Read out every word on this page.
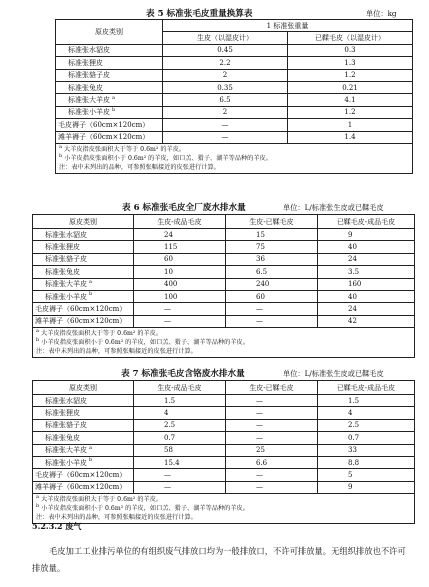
表 5 标准张毛皮重量换算表	单位：kg
原皮类别	1 标准张重量	
	生皮（以湿皮计）	已鞣毛皮（以湿皮计）
标准张水貂皮	0.45	0.3
标准张狸皮	2.2	1.3
标准张貉子皮	2	1.2
标准张兔皮	0.35	0.21
标准张大羊皮 $^a$	6.5	4.1
标准张小羊皮 $^b$	2	1.2
毛皮褥子（60cm×120cm）	—	1
滩羊褥子（60cm×120cm）	—	1.4

$^a$ 大羊皮指皮张面积大于等于 0.6m² 的羊皮。
$^b$ 小羊皮指皮张面积小于 0.6m² 的羊皮，如口羔、猾子、湖羊等品种的羊皮。
注：表中未列出的品种，可参照张幅接近的皮张进行计算。		
表 6 标准张毛皮全厂废水排水量	单位：L/标准张生皮或已鞣毛皮
原皮类别	生皮-成品毛皮	生皮-已鞣毛皮	已鞣毛皮-成品毛皮
标准张水貂皮	24	15	9
标准张狸皮	115	75	40
标准张貉子皮	60	36	24
标准张兔皮	10	6.5	3.5
标准张大羊皮 $^a$	400	240	160
标准张小羊皮 $^b$	100	60	40
毛皮褥子（60cm×120cm）	—	—	24
滩羊褥子（60cm×120cm）	—	—	42

$^a$ 大羊皮指皮张面积大于等于 0.6m² 的羊皮。
$^b$ 小羊皮指皮张面积小于 0.6m² 的羊皮，如口羔、猾子、湖羊等品种的羊皮。
注：表中未列出的品种，可参照张幅接近的皮张进行计算。			
表 7 标准张毛皮含铬废水排水量	单位：L/标准张生皮或已鞣毛皮
原皮类别	生皮-成品毛皮	生皮-已鞣毛皮	已鞣毛皮-成品毛皮
标准张水貂皮	1.5	—	1.5
标准张狸皮	4	—	4
标准张貉子皮	2.5	—	2.5
标准张兔皮	0.7	—	0.7
标准张大羊皮 $^a$	58	25	33
标准张小羊皮 $^b$	15.4	6.6	8.8
毛皮褥子（60cm×120cm）	—	—	5
滩羊褥子（60cm×120cm）	—	—	9

$^a$ 大羊皮指皮张面积大于等于 0.6m² 的羊皮。
$^b$ 小羊皮指皮张面积小于 0.6m² 的羊皮，如口羔、猾子、湖羊等品种的羊皮。
注：表中未列出的品种，可参照张幅接近的皮张进行计算。			
5.2.3.2 废气
毛皮加工工业排污单位的有组织废气排放口均为一般排放口，不许可排放量。无组织排放也不许可排放量。
